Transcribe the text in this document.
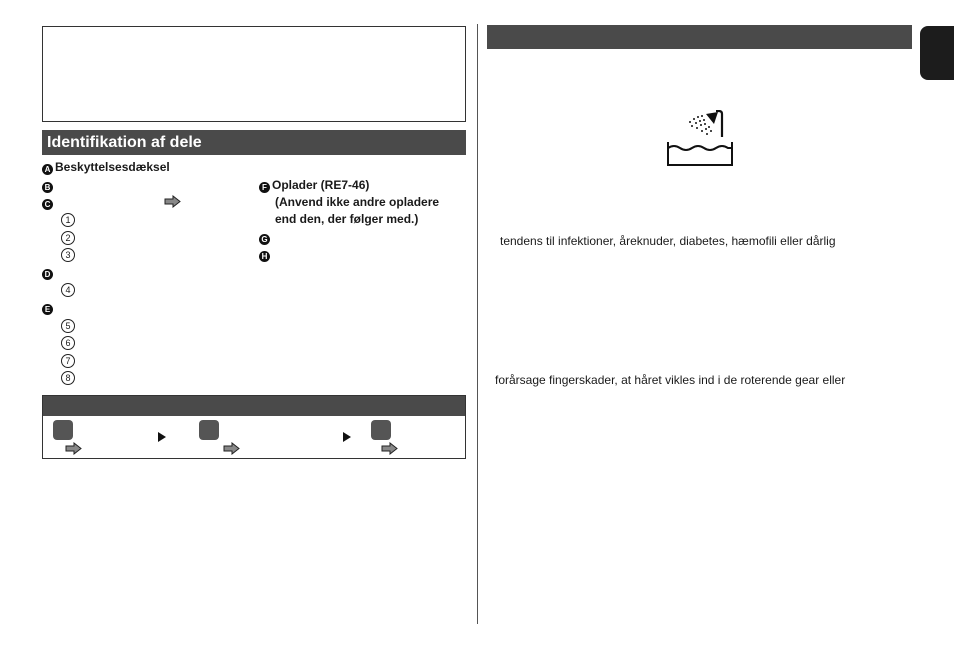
Identifikation af dele
A Beskyttelsesdæksel
B
C
1
2
3
D
4
E
5
6
7
8
F Oplader (RE7-46)
(Anvend ikke andre opladere
end den, der følger med.)
G
H
tendens til infektioner, åreknuder, diabetes, hæmofili eller dårlig
forårsage fingerskader, at håret vikles ind i de roterende gear eller
